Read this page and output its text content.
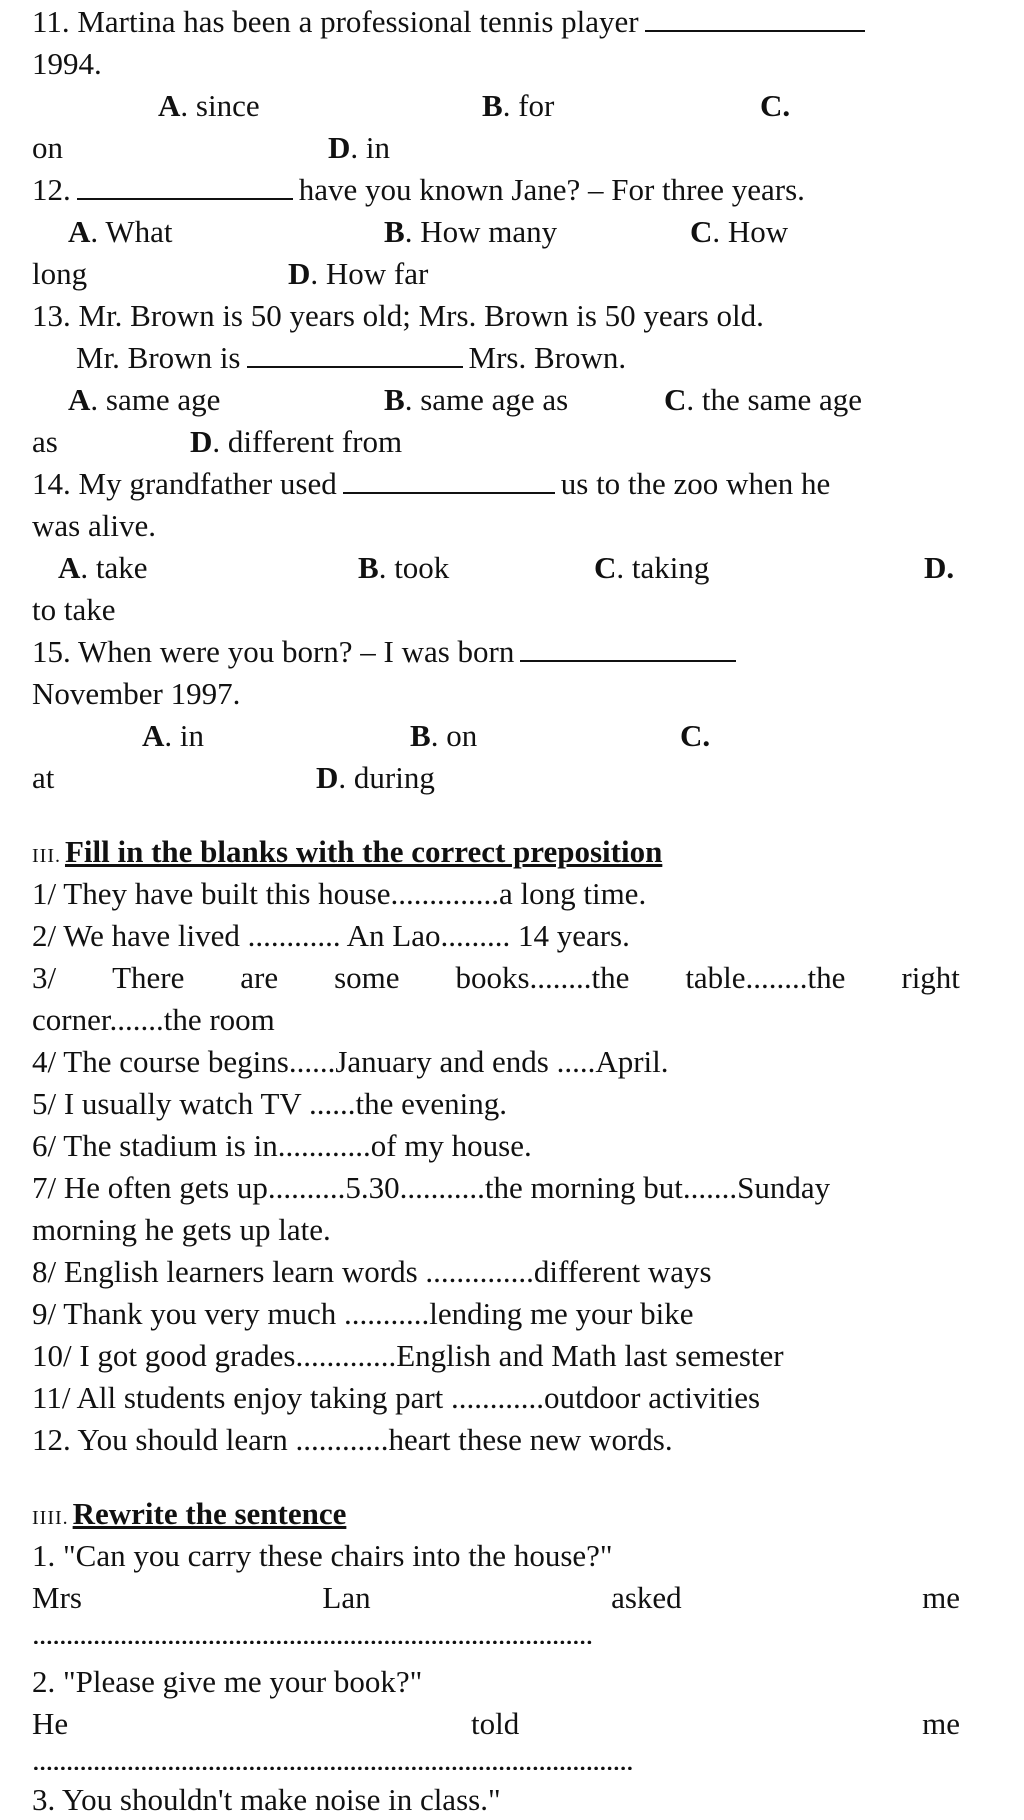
11. Martina has been a professional tennis player
1994.
A. since	B. for	C.
on	D. in
12.	have you known Jane? – For three years.
A. What	B. How many	C. How
long	D. How far
13. Mr. Brown is 50 years old; Mrs. Brown is 50 years old.
Mr. Brown is	Mrs. Brown.
A. same age	B. same age as	C. the same age
as	D. different from
14. My grandfather used	us to the zoo when he
was alive.
A. take	B. took	C. taking	D.
to take
15. When were you born? – I was born
November 1997.
A. in	B. on	C.
at	D. during
III. Fill in the blanks with the correct preposition
1/ They have built this house..............a long time.
2/ We have lived ............ An Lao......... 14 years.
3/ There are some books........the table........the right
corner.......the room
4/ The course begins......January and ends .....April.
5/ I usually watch TV ......the evening.
6/ The stadium is in............of my house.
7/ He often gets up..........5.30...........the morning but.......Sunday
morning he gets up late.
8/ English learners learn words ..............different ways
9/ Thank you very much ...........lending me your bike
10/ I got good grades.............English and Math last semester
11/ All students enjoy taking part ............outdoor activities
12. You should learn ............heart these new words.
IIII. Rewrite the sentence
1. "Can you carry these chairs into the house?"
Mrs	Lan	asked	me
...................................................................................
2. "Please give me your book?"
He	told	me
.........................................................................................
3. You shouldn't make noise in class."
